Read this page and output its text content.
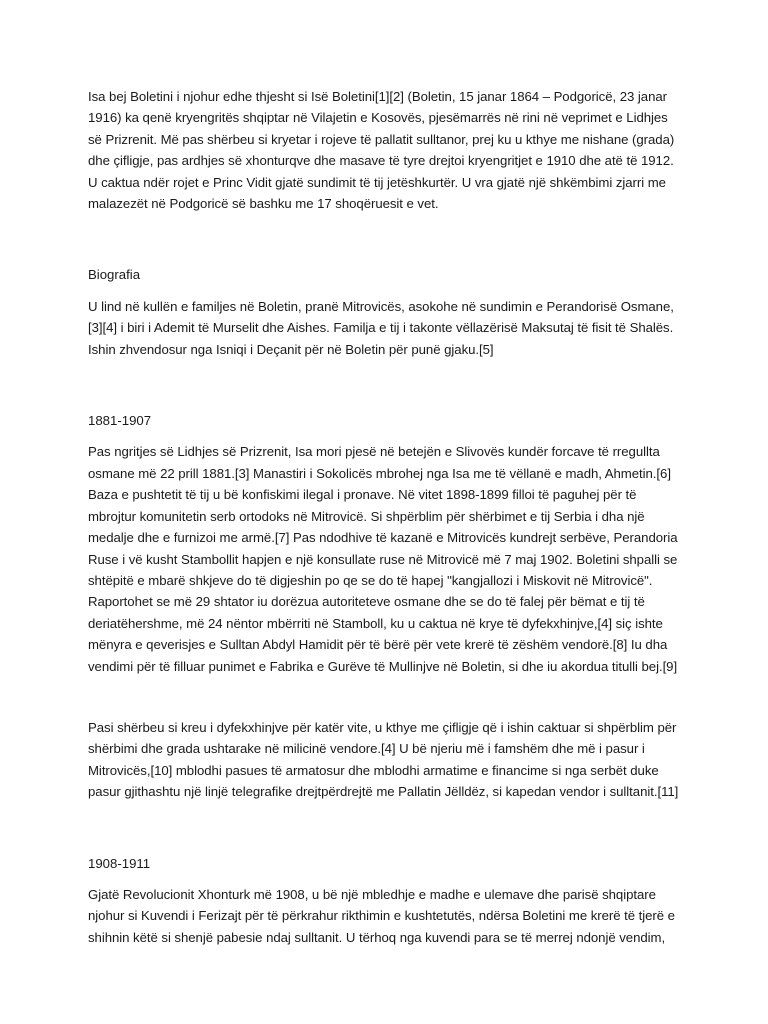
Isa bej Boletini i njohur edhe thjesht si Isë Boletini[1][2] (Boletin, 15 janar 1864 – Podgoricë, 23 janar 1916) ka qenë kryengritës shqiptar në Vilajetin e Kosovës, pjesëmarrës në rini në veprimet e Lidhjes së Prizrenit. Më pas shërbeu si kryetar i rojeve të pallatit sulltanor, prej ku u kthye me nishane (grada) dhe çifligje, pas ardhjes së xhonturqve dhe masave të tyre drejtoi kryengritjet e 1910 dhe atë të 1912. U caktua ndër rojet e Princ Vidit gjatë sundimit të tij jetëshkurtër. U vra gjatë një shkëmbimi zjarri me malazezët në Podgoricë së bashku me 17 shoqëruesit e vet.

Biografia

U lind në kullën e familjes në Boletin, pranë Mitrovicës, asokohe në sundimin e Perandorisë Osmane,[3][4] i biri i Ademit të Murselit dhe Aishes. Familja e tij i takonte vëllazërisë Maksutaj të fisit të Shalës. Ishin zhvendosur nga Isniqi i Deçanit për në Boletin për punë gjaku.[5]

1881-1907

Pas ngritjes së Lidhjes së Prizrenit, Isa mori pjesë në betejën e Slivovës kundër forcave të rregullta osmane më 22 prill 1881.[3] Manastiri i Sokolicës mbrohej nga Isa me të vëllanë e madh, Ahmetin.[6] Baza e pushtetit të tij u bë konfiskimi ilegal i pronave. Në vitet 1898-1899 filloi të paguhej për të mbrojtur komunitetin serb ortodoks në Mitrovicë. Si shpërblim për shërbimet e tij Serbia i dha një medalje dhe e furnizoi me armë.[7] Pas ndodhive të kazanë e Mitrovicës kundrejt serbëve, Perandoria Ruse i vë kusht Stambollit hapjen e një konsullate ruse në Mitrovicë më 7 maj 1902. Boletini shpalli se shtëpitë e mbarë shkjeve do të digjeshin po qe se do të hapej "kangjallozi i Miskovit në Mitrovicë". Raportohet se më 29 shtator iu dorëzua autoriteteve osmane dhe se do të falej për bëmat e tij të deriatëhershme, më 24 nëntor mbërriti në Stamboll, ku u caktua në krye të dyfekxhinjve,[4] siç ishte mënyra e qeverisjes e Sulltan Abdyl Hamidit për të bërë për vete krerë të zëshëm vendorë.[8] Iu dha vendimi për të filluar punimet e Fabrika e Gurëve të Mullinjve në Boletin, si dhe iu akordua titulli bej.[9]

Pasi shërbeu si kreu i dyfekxhinjve për katër vite, u kthye me çifligje që i ishin caktuar si shpërblim për shërbimi dhe grada ushtarake në milicinë vendore.[4] U bë njeriu më i famshëm dhe më i pasur i Mitrovicës,[10] mblodhi pasues të armatosur dhe mblodhi armatime e financime si nga serbët duke pasur gjithashtu një linjë telegrafike drejtpërdrejtë me Pallatin Jëlldëz, si kapedan vendor i sulltanit.[11]

1908-1911

Gjatë Revolucionit Xhonturk më 1908, u bë një mbledhje e madhe e ulemave dhe parisë shqiptare njohur si Kuvendi i Ferizajt për të përkrahur rikthimin e kushtetutës, ndërsa Boletini me krerë të tjerë e shihnin këtë si shenjë pabesie ndaj sulltanit. U tërhoq nga kuvendi para se të merrej ndonjë vendim,
